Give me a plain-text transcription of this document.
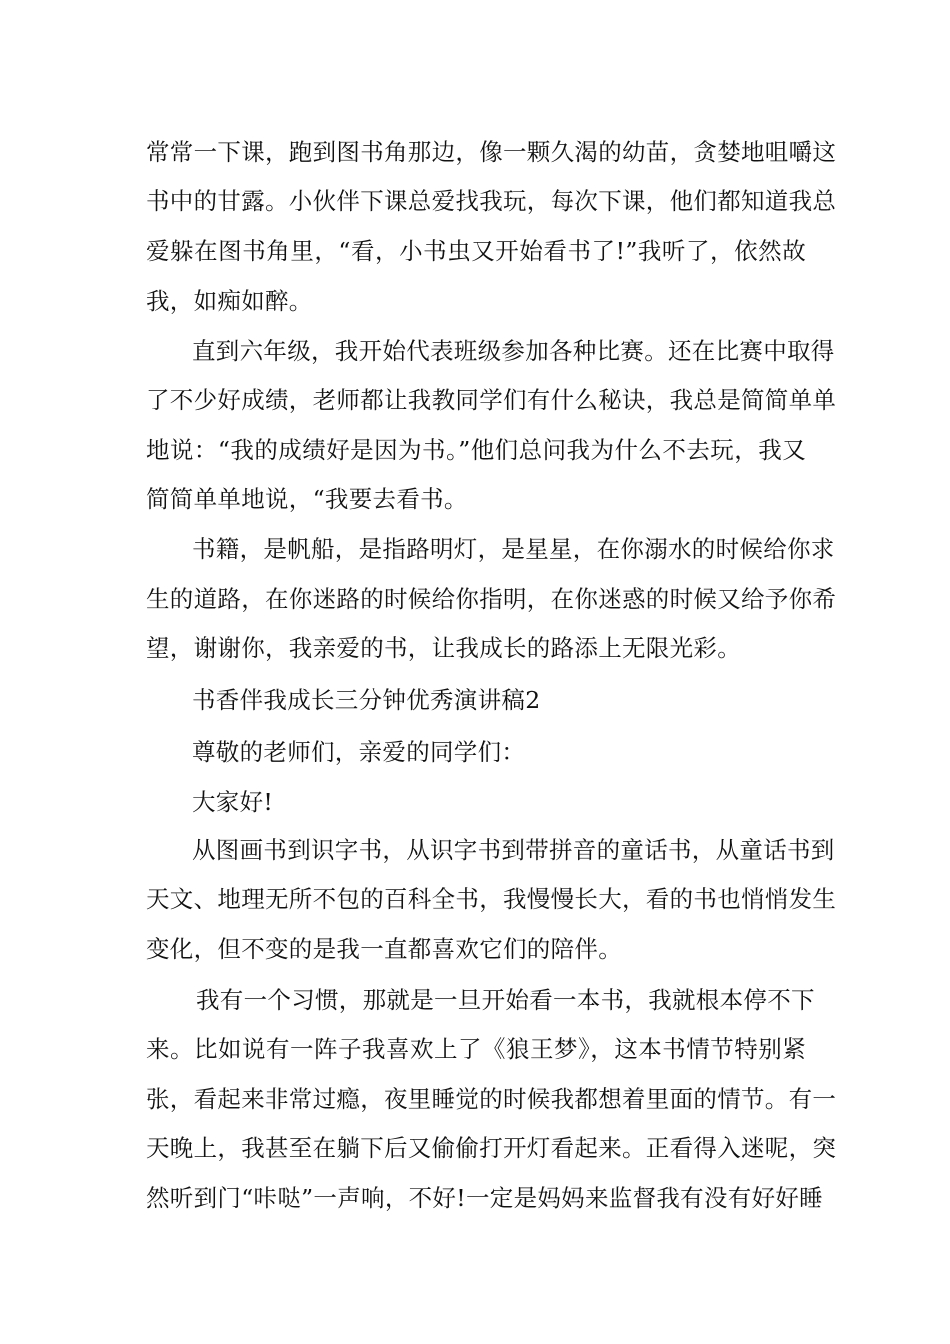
常常一下课，跑到图书角那边，像一颗久渴的幼苗，贪婪地咀嚼这
书中的甘露。小伙伴下课总爱找我玩，每次下课，他们都知道我总
爱躲在图书角里，“看，小书虫又开始看书了!”我听了，依然故
我，如痴如醉。
直到六年级，我开始代表班级参加各种比赛。还在比赛中取得
了不少好成绩，老师都让我教同学们有什么秘诀，我总是简简单单
地说：“我的成绩好是因为书。”他们总问我为什么不去玩，我又
简简单单地说，“我要去看书。
书籍，是帆船，是指路明灯，是星星，在你溺水的时候给你求
生的道路，在你迷路的时候给你指明，在你迷惑的时候又给予你希
望，谢谢你，我亲爱的书，让我成长的路添上无限光彩。
书香伴我成长三分钟优秀演讲稿2
尊敬的老师们，亲爱的同学们：
大家好!
从图画书到识字书，从识字书到带拼音的童话书，从童话书到
天文、地理无所不包的百科全书，我慢慢长大，看的书也悄悄发生
变化，但不变的是我一直都喜欢它们的陪伴。
我有一个习惯，那就是一旦开始看一本书，我就根本停不下
来。比如说有一阵子我喜欢上了《狼王梦》，这本书情节特别紧
张，看起来非常过瘾，夜里睡觉的时候我都想着里面的情节。有一
天晚上，我甚至在躺下后又偷偷打开灯看起来。正看得入迷呢，突
然听到门“咔哒”一声响，不好!一定是妈妈来监督我有没有好好睡
